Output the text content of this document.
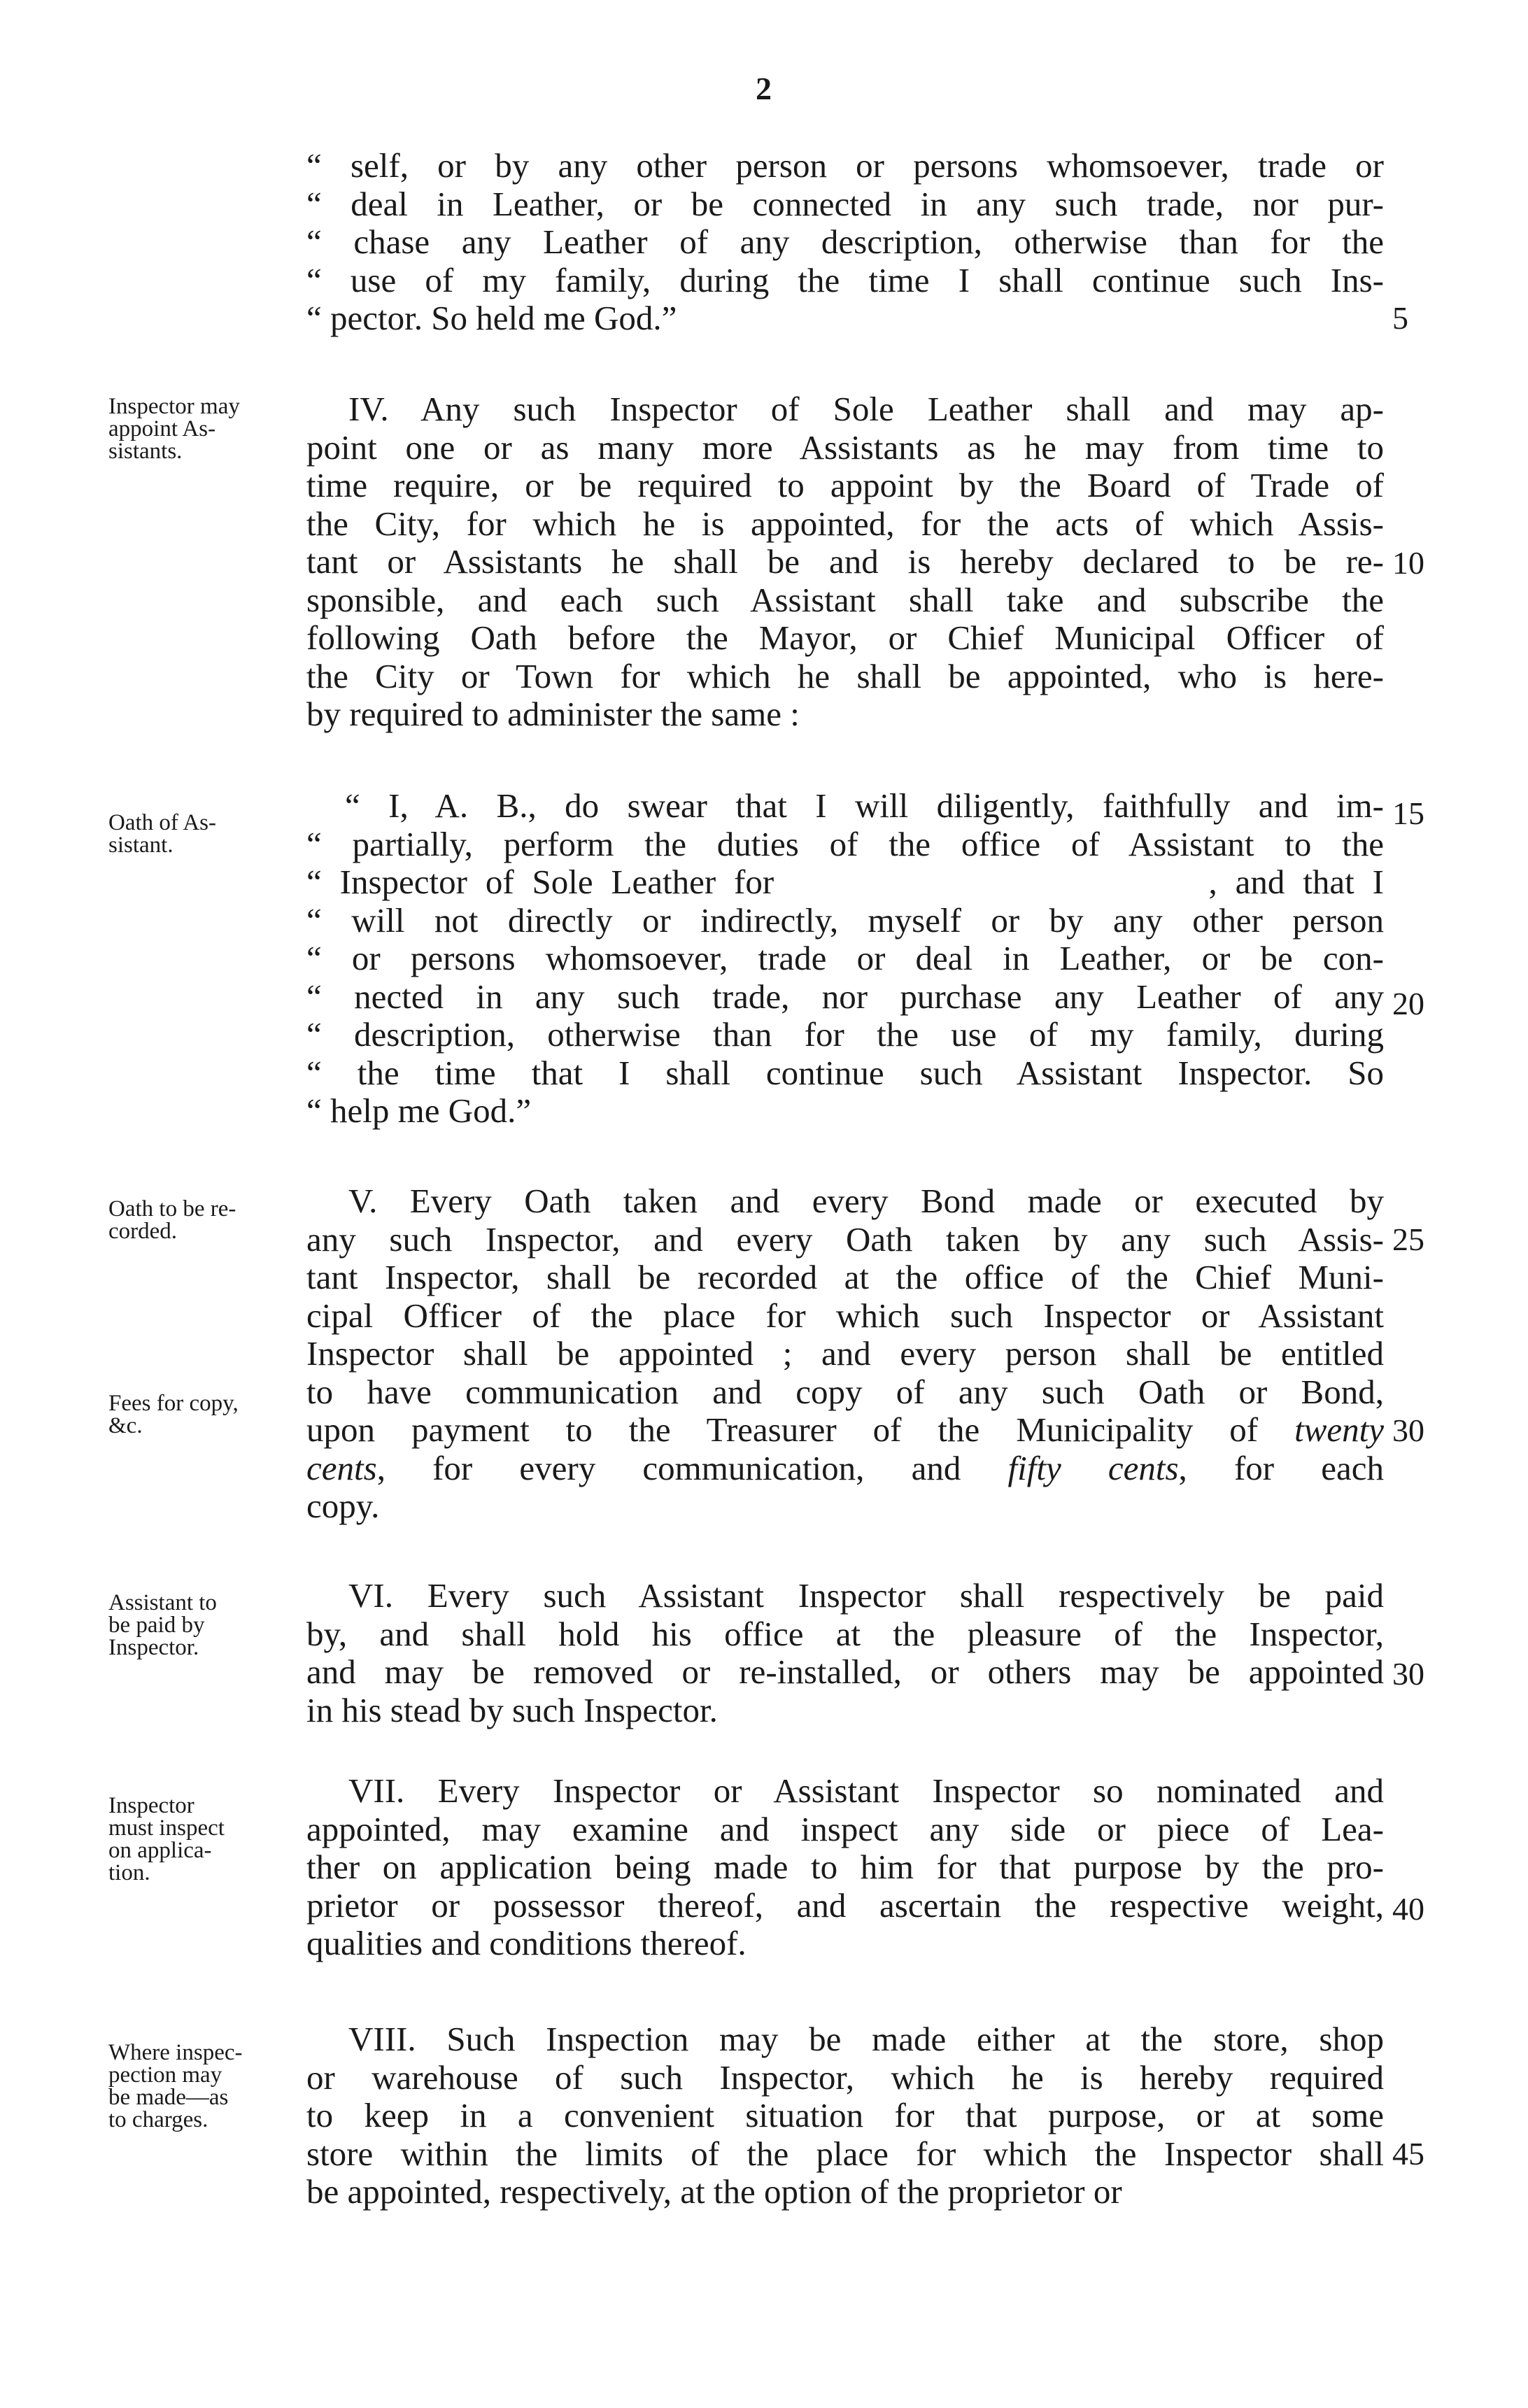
2
“ self, or by any other person or persons whomsoever, trade or
“ deal in Leather, or be connected in any such trade, nor pur-
“ chase any Leather of any description, otherwise than for the
“ use of my family, during the time I shall continue such Ins-
“ pector. So held me God.”	5
Inspector may
appoint As-
sistants.
IV. Any such Inspector of Sole Leather shall and may ap-
point one or as many more Assistants as he may from time to
time require, or be required to appoint by the Board of Trade of
the City, for which he is appointed, for the acts of which Assis-
tant or Assistants he shall be and is hereby declared to be re-
sponsible, and each such Assistant shall take and subscribe the
following Oath before the Mayor, or Chief Municipal Officer of
the City or Town for which he shall be appointed, who is here-
by required to administer the same :
10
Oath of As-
sistant.
“ I, A. B., do swear that I will diligently, faithfully and im-
“ partially, perform the duties of the office of Assistant to the
“ Inspector of Sole Leather for                        , and that I
“ will not directly or indirectly, myself or by any other person
“ or persons whomsoever, trade or deal in Leather, or be con-
“ nected in any such trade, nor purchase any Leather of any
“ description, otherwise than for the use of my family, during
“ the time that I shall continue such Assistant Inspector. So
“ help me God.”
15
20
Oath to be re-
corded.
Fees for copy,
&c.
V. Every Oath taken and every Bond made or executed by
any such Inspector, and every Oath taken by any such Assis-
tant Inspector, shall be recorded at the office of the Chief Muni-
cipal Officer of the place for which such Inspector or Assistant
Inspector shall be appointed ; and every person shall be entitled
to have communication and copy of any such Oath or Bond,
upon payment to the Treasurer of the Municipality of twenty
cents, for every communication, and fifty cents, for each
copy.
25
30
Assistant to
be paid by
Inspector.
VI. Every such Assistant Inspector shall respectively be paid
by, and shall hold his office at the pleasure of the Inspector,
and may be removed or re-installed, or others may be appointed
in his stead by such Inspector.
30
Inspector
must inspect
on applica-
tion.
VII. Every Inspector or Assistant Inspector so nominated and
appointed, may examine and inspect any side or piece of Lea-
ther on application being made to him for that purpose by the pro-
prietor or possessor thereof, and ascertain the respective weight,
qualities and conditions thereof.
40
Where inspec-
pection may
be made—as
to charges.
VIII. Such Inspection may be made either at the store, shop
or warehouse of such Inspector, which he is hereby required
to keep in a convenient situation for that purpose, or at some
store within the limits of the place for which the Inspector shall
be appointed, respectively, at the option of the proprietor or
45
